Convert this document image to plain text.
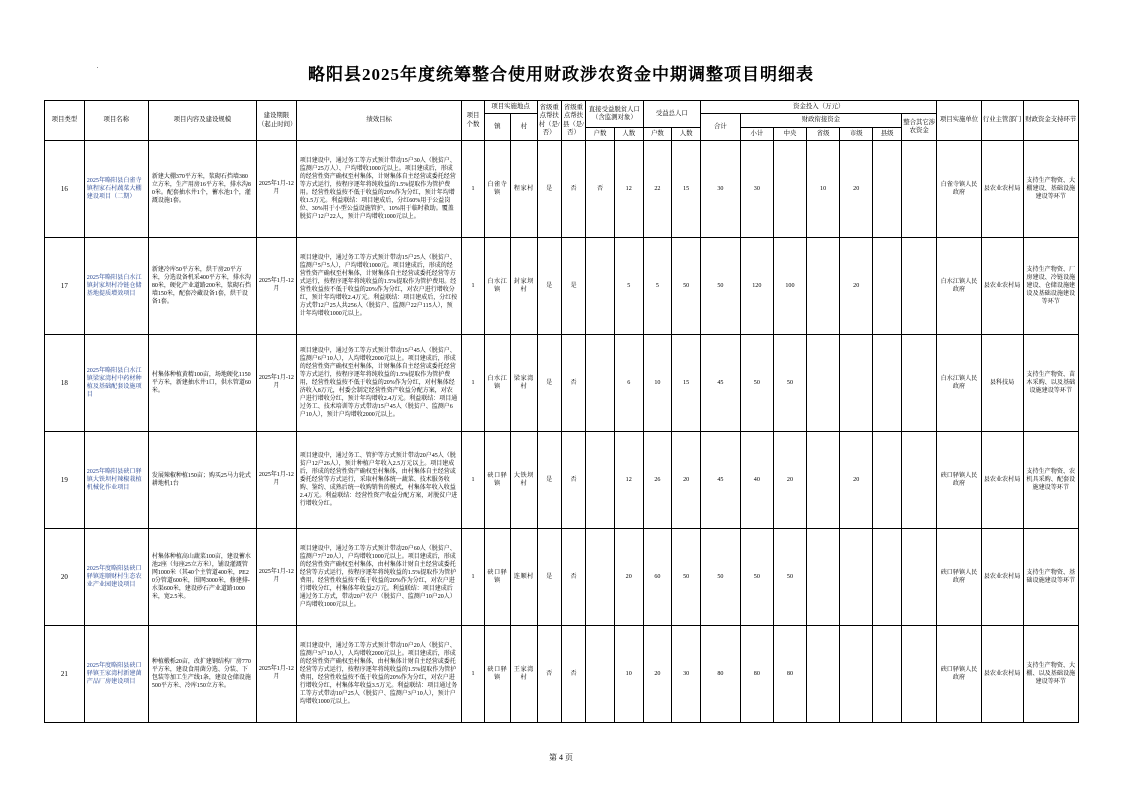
·	略阳县2025年度统筹整合使用财政涉农资金中期调整项目明细表
项目类型	项目名称	项目内容及建设规模	建设期限（起止时间）	绩效目标	项目个数	项目实施地点		省级重点帮扶村（是/否）	省级重点帮扶县（是/否）	直接受益脱贫人口（含监测对象）		受益总人口		资金投入（万元）							项目实施单位	行业主管部门	财政资金支持环节
						镇	村							合计	财政衔接资金					整合其它涉农资金			
										户数	人数	户数	人数		小计	中央	省级	市级	县级				
16	2025年略阳县白雀寺镇程家石村蔬菜大棚建设项目（二期）	新建大棚370平方米，浆砌石挡墙380立方米，生产用房16平方米，排水沟80米。配套抽水井1个，蓄水池1个，灌溉设施1套。	2025年1月-12月	项目建设中，通过务工等方式预计带动15户30人（脱贫户、监测户25万人）、户均增收1000元以上。项目建成后，形成的经营性资产确权至村集体，计财集体自主经营或委托经营等方式运行，按程序逐年将纯收益的1.5%提取作为管护费用。经营性收益按不低于收益的20%作为分红，预计年均增收1.5万元。利益联结：项目建成后，分红60%用于公益岗位、30%用于小型公益设施管护、10%用于临时救助。覆盖脱贫户12户22人，预计户均增收1000元以上。	1	白雀寺镇	程家村	是	否	否	12	22	15	30	30		10	20			白雀寺镇人民政府	县农业农村局	支持生产物资、大棚建设、基础设施建设等环节
17	2025年略阳县白水江镇封家坝村冷链仓储基地提质增效项目	新建冷库50平方米，烘干房20平方米，分选设备机采400平方米，排水沟80米，硬化产业道路200米，浆砌石挡墙150米，配套冷藏设备1套，烘干设备1套。	2025年1月-12月	项目建设中，通过务工等方式预计带动15户25人（脱贫户、监测户5户5人），户均增收1000元。项目建成后，形成的经营性资产确权至村集体，计财集体自主经营或委托经营等方式运行，按程序逐年将纯收益的1.5%提取作为管护费用。经营性收益按不低于收益的20%作为分红，对农户进行增收分红，预计年均增收2.4万元。利益联结：项目建成后，分红按方式带12户25人共256人（脱贫户、监测户22户115人），预计年均增收1000元以上。	1	白水江镇	封家坝村	是	是		5	5	50	50	120	100		20			白水江镇人民政府	县农业农村局	支持生产物资、厂房建设、冷链设施建设、仓储设施建设及基础设施建设等环节
18	2025年略阳县白水江镇梁家湾村中药材种植及基础配套设施项目	村集体种植黄精100亩，场地硬化1150平方米，新建抽水井1口，供水管道60米。	2025年1月-12月	项目建设中，通过务工等方式预计带动15户45人（脱贫户、监测户6户10人），人均增收2000元以上。项目建成后，形成的经营性资产确权至村集体，计财集体自主经营或委托经营等方式运行，按程序逐年将纯收益的1.5%提取作为管护费用，经营性收益按不低于收益的20%作为分红，对村集体经济收入8万元，村委会制定经营性资产收益分配方案，对农户进行增收分红，预计年均增收2.4万元。利益联结：项目通过务工、技术培训等方式带动15户45人（脱贫户、监测户6户10人），预计户均增收2000元以上。	1	白水江镇	梁家湾村	是	否		6	10	15	45	50	50					白水江镇人民政府	县科技局	支持生产物资、苗木采购、以及基础设施建设等环节
19	2025年略阳县硖口驿镇大铁坝村辣椒栽植机械化作业项目	发展辣椒种植150亩；购买25马力轮式耕地机1台	2025年1月-12月	项目建设中，通过务工、管护等方式预计带动20户45人（脱贫户12户26人），预计种植户年收入2.5万元以上。项目建成后，形成的经营性资产确权至村集体，由村集体自主经营或委托经营等方式运行，采取村集体统一蔬菜、技术服务收购、鉴约、成熟后统一收购销售的模式，村集体年收入收益2.4万元。利益联结：经营性资产收益分配方案，对脱贫户进行增收分红。	1	硖口驿镇	大铁坝村	是	否		12	26	20	45	40	20		20			硖口驿镇人民政府	县农业农村局	支持生产物资、农机具采购、配套设施建设等环节
20	2025年度略阳县硖口驿镇连顺财村生态农业产业园建设项目	村集体种植高山蔬菜100亩，建设蓄水池2座（每座25立方米），铺设灌溉管网1000米（其40个主管道400米，PE20分管道600米，围网3000米，修建排水渠600米，建设砂石产业道路1000米，宽2.5米。	2025年1月-12月	项目建设中，通过务工等方式预计带动20户60人（脱贫户、监测户7户20人），户均增收1000元以上。项目建成后，形成的经营性资产确权至村集体，由村集体计财自主经营或委托经营等方式运行，按程序逐年将纯收益的1.5%提取作为管护费用。经营性收益按不低于收益的20%作为分红，对农户进行增收分红，村集体年收益2万元。利益联结：项目建成后通过务工方式，带动20户农户（脱贫户、监测户10户20人）户均增收1000元以上。	1	硖口驿镇	连顺村	是	否		20	60	50	50	50	50					硖口驿镇人民政府	县农业农村局	支持生产物资、基础设施建设等环节
21	2025年度略阳县硖口驿镇王家湾村新建菌产品厂房建设项目	种植椴栎20亩，改扩建钢结构厂房770平方米，建设食用菌分选、分装、下包装等加工生产线1条，建设仓储设施500平方米、冷库150立方米。	2025年1月-12月	项目建设中，通过务工等方式预计带动10户20人（脱贫户、监测户3户10人），人均增收2000元以上。项目建成后，形成的经营性资产确权至村集体，由村集体计财自主经营或委托经营等方式运行，按程序逐年将纯收益的1.5%提取作为管护费用，经营性收益按不低于收益的20%作为分红，对农户进行增收分红，村集体年收益3.5万元。利益联结：项目通过务工等方式带动10户25人（脱贫户、监测户3户10人），预计户均增收1000元以上。	1	硖口驿镇	王家湾村	否	否		10	20	30	80	80	80					硖口驿镇人民政府	县农业农村局	支持生产物资、大棚、以及基础设施建设等环节
第 4 页
